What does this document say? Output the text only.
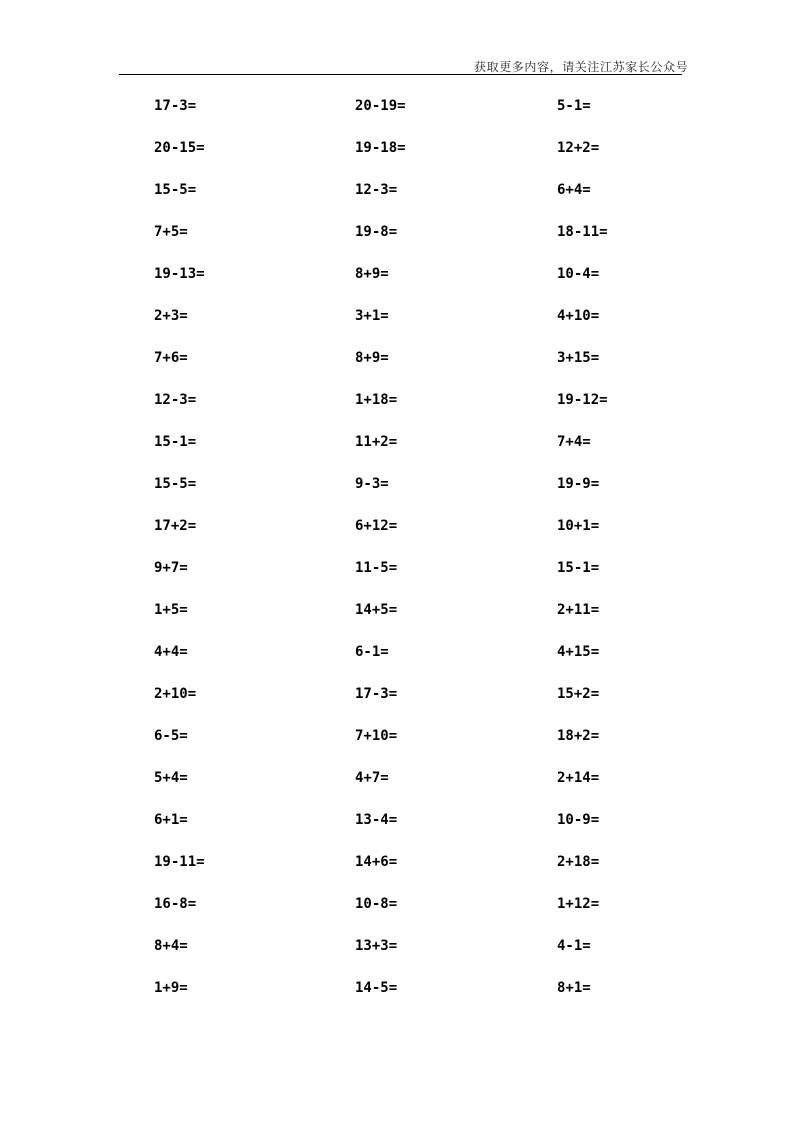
获取更多内容，请关注江苏家长公众号
17-3=	20-19=	5-1=
20-15=	19-18=	12+2=
15-5=	12-3=	6+4=
7+5=	19-8=	18-11=
19-13=	8+9=	10-4=
2+3=	3+1=	4+10=
7+6=	8+9=	3+15=
12-3=	1+18=	19-12=
15-1=	11+2=	7+4=
15-5=	9-3=	19-9=
17+2=	6+12=	10+1=
9+7=	11-5=	15-1=
1+5=	14+5=	2+11=
4+4=	6-1=	4+15=
2+10=	17-3=	15+2=
6-5=	7+10=	18+2=
5+4=	4+7=	2+14=
6+1=	13-4=	10-9=
19-11=	14+6=	2+18=
16-8=	10-8=	1+12=
8+4=	13+3=	4-1=
1+9=	14-5=	8+1=
